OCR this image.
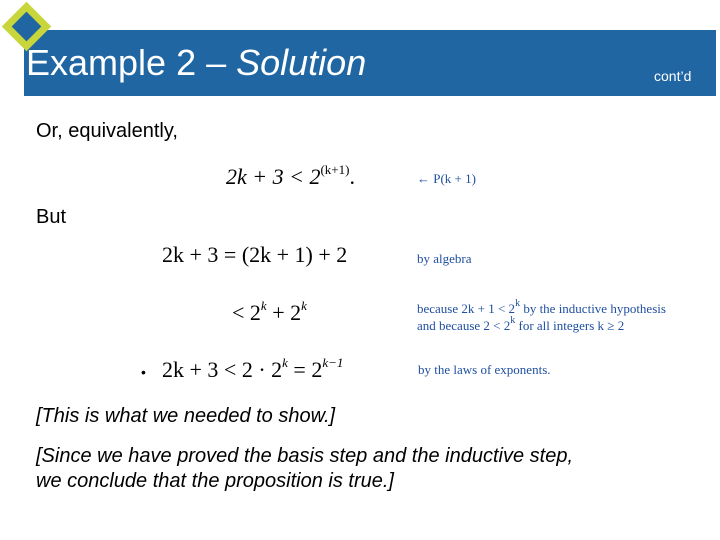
Example 2 – Solution	cont’d
Or, equivalently,
$2k + 3 < 2^{(k+1)}$.	← P(k + 1)
But
2k + 3 = (2k + 1) + 2	by algebra
< $2^k + 2^k$	because $2k + 1 < 2^k$ by the inductive hypothesis
and because $2 < 2^k$ for all integers k ≥ 2
• $2k + 3 < 2 \cdot 2^k = 2^{k-1}$	by the laws of exponents.
[This is what we needed to show.]
[Since we have proved the basis step and the inductive step,
we conclude that the proposition is true.]
